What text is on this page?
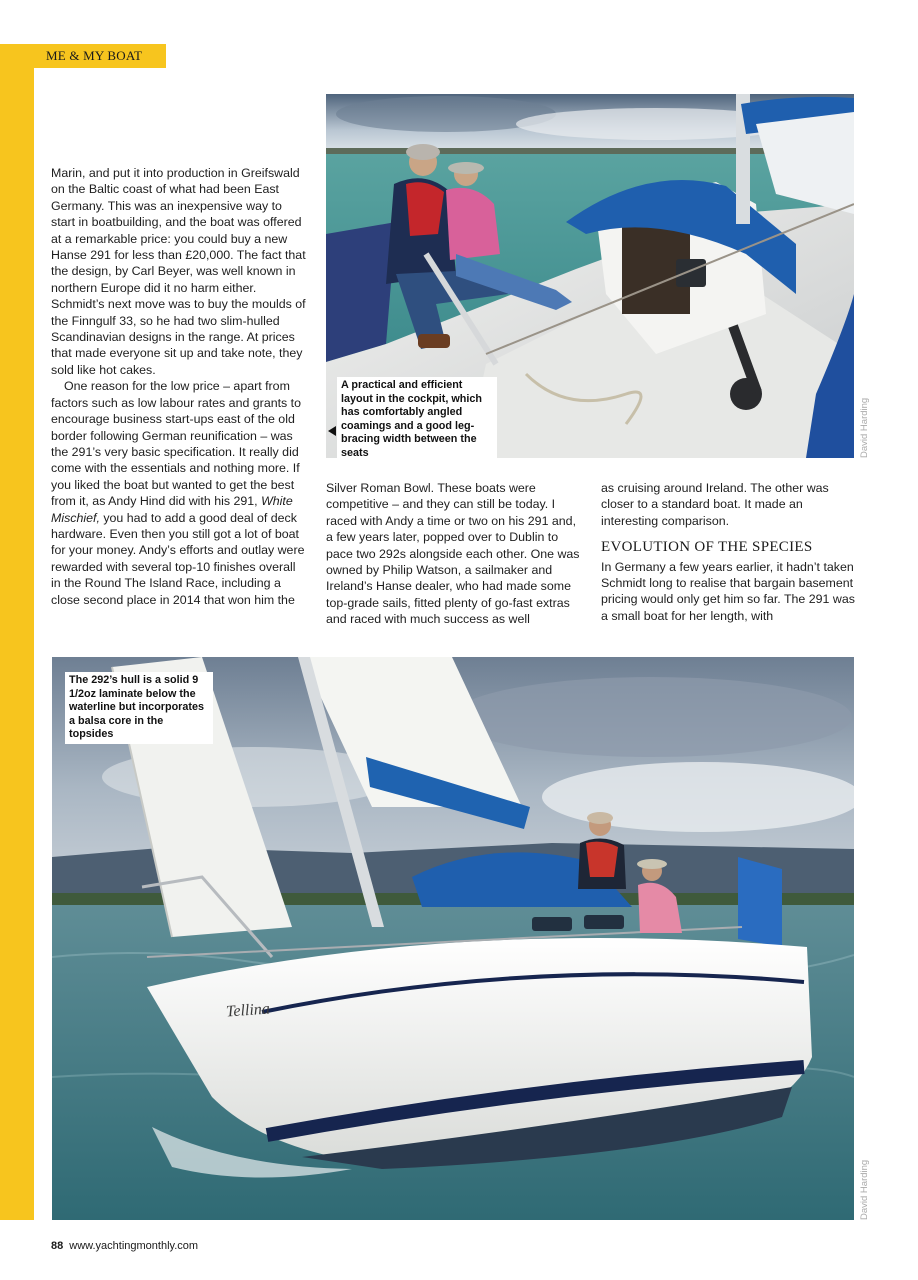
ME & MY BOAT

Marin, and put it into production in Greifswald on the Baltic coast of what had been East Germany. This was an inexpensive way to start in boatbuilding, and the boat was offered at a remarkable price: you could buy a new Hanse 291 for less than £20,000. The fact that the design, by Carl Beyer, was well known in northern Europe did it no harm either. Schmidt’s next move was to buy the moulds of the Finngulf 33, so he had two slim-hulled Scandinavian designs in the range. At prices that made everyone sit up and take note, they sold like hot cakes.

One reason for the low price – apart from factors such as low labour rates and grants to encourage business start-ups east of the old border following German reunification – was the 291’s very basic specification. It really did come with the essentials and nothing more. If you liked the boat but wanted to get the best from it, as Andy Hind did with his 291, White Mischief, you had to add a good deal of deck hardware. Even then you still got a lot of boat for your money. Andy’s efforts and outlay were rewarded with several top-10 finishes overall in the Round The Island Race, including a close second place in 2014 that won him the

A practical and efficient layout in the cockpit, which has comfortably angled coamings and a good leg-bracing width between the seats	David Harding

Silver Roman Bowl. These boats were competitive – and they can still be today. I raced with Andy a time or two on his 291 and, a few years later, popped over to Dublin to pace two 292s alongside each other. One was owned by Philip Watson, a sailmaker and Ireland’s Hanse dealer, who had made some top-grade sails, fitted plenty of go-fast extras and raced with much success as well

as cruising around Ireland. The other was closer to a standard boat. It made an interesting comparison.

EVOLUTION OF THE SPECIES

In Germany a few years earlier, it hadn’t taken Schmidt long to realise that bargain basement pricing would only get him so far. The 291 was a small boat for her length, with

The 292’s hull is a solid 9 1/2oz laminate below the waterline but incorporates a balsa core in the topsides
David Harding
Tellina
88 www.yachtingmonthly.com
